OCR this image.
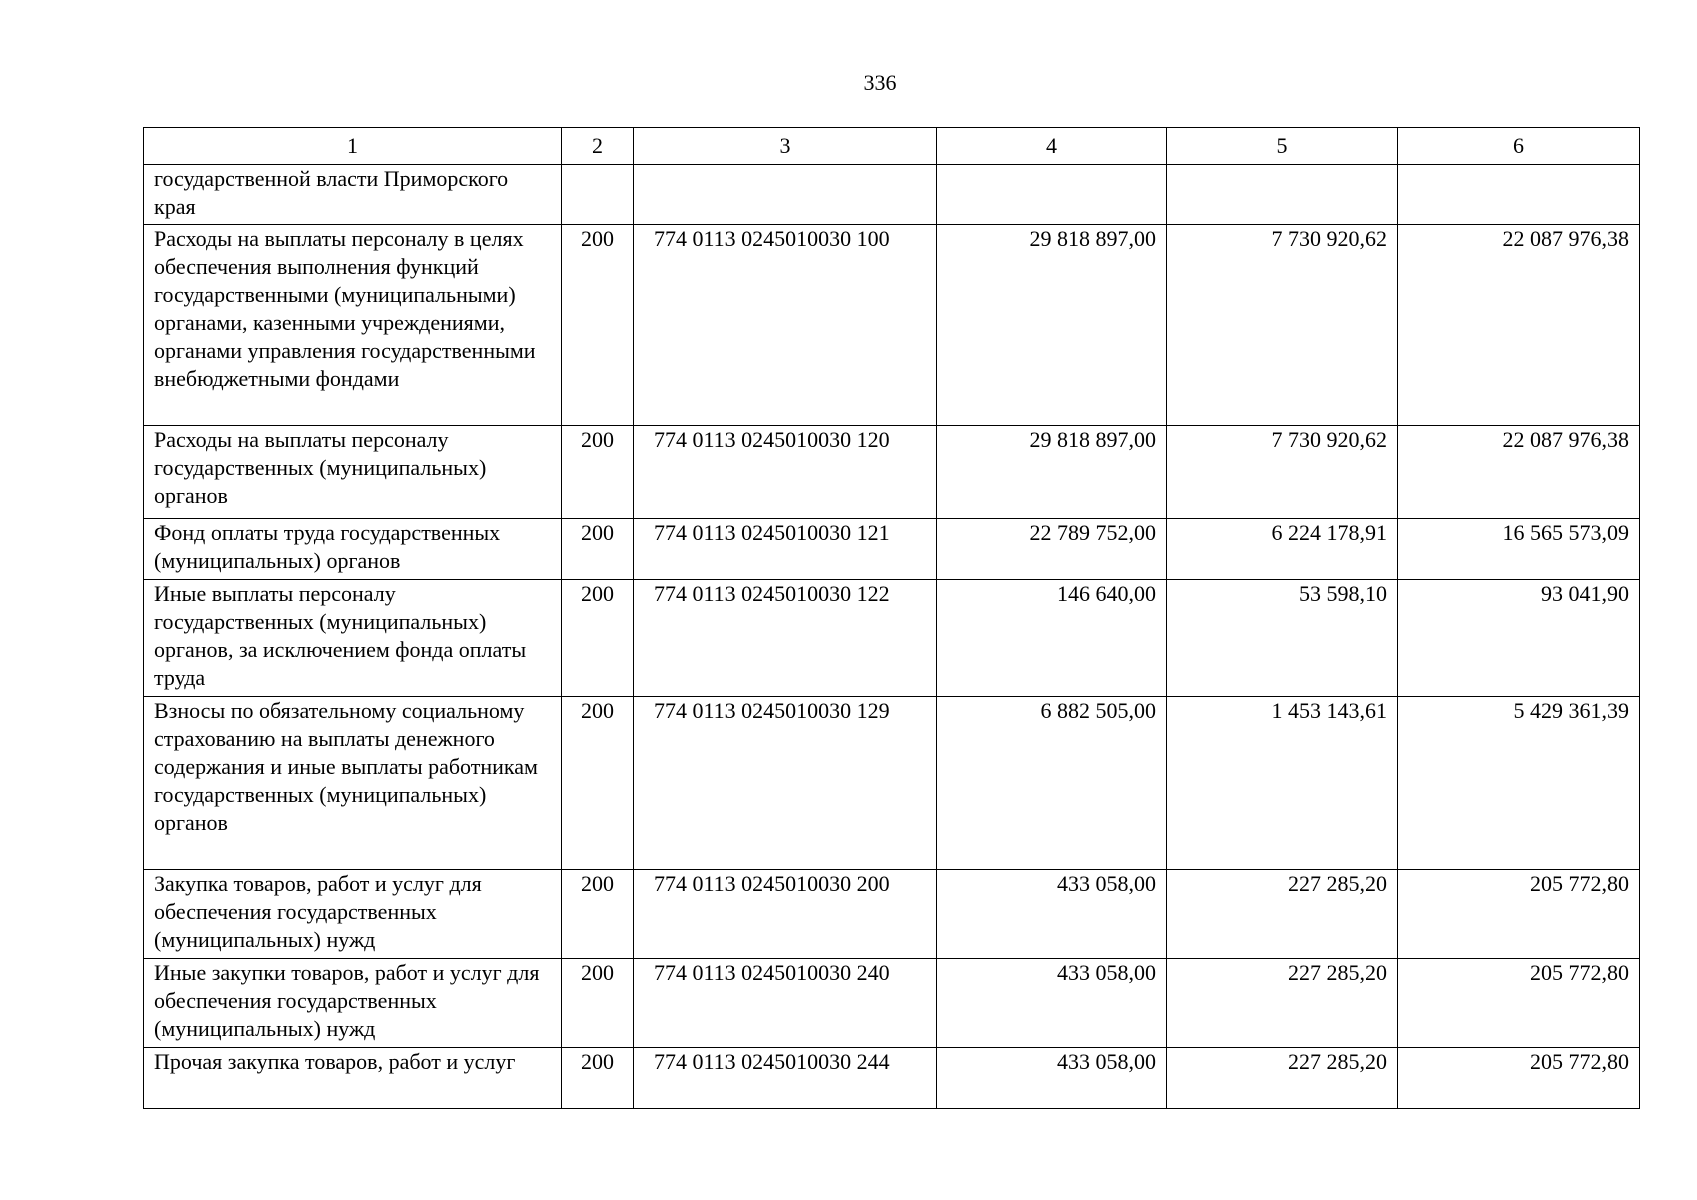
336
1	2	3	4	5	6
государственной власти Приморского края					
Расходы на выплаты персоналу в целях обеспечения выполнения функций государственными (муниципальными) органами, казенными учреждениями, органами управления государственными внебюджетными фондами	200	774 0113 0245010030 100	29 818 897,00	7 730 920,62	22 087 976,38
Расходы на выплаты персоналу государственных (муниципальных) органов	200	774 0113 0245010030 120	29 818 897,00	7 730 920,62	22 087 976,38
Фонд оплаты труда государственных (муниципальных) органов	200	774 0113 0245010030 121	22 789 752,00	6 224 178,91	16 565 573,09
Иные выплаты персоналу государственных (муниципальных) органов, за исключением фонда оплаты труда	200	774 0113 0245010030 122	146 640,00	53 598,10	93 041,90
Взносы по обязательному социальному страхованию на выплаты денежного содержания и иные выплаты работникам государственных (муниципальных) органов	200	774 0113 0245010030 129	6 882 505,00	1 453 143,61	5 429 361,39
Закупка товаров, работ и услуг для обеспечения государственных (муниципальных) нужд	200	774 0113 0245010030 200	433 058,00	227 285,20	205 772,80
Иные закупки товаров, работ и услуг для обеспечения государственных (муниципальных) нужд	200	774 0113 0245010030 240	433 058,00	227 285,20	205 772,80
Прочая закупка товаров, работ и услуг	200	774 0113 0245010030 244	433 058,00	227 285,20	205 772,80
